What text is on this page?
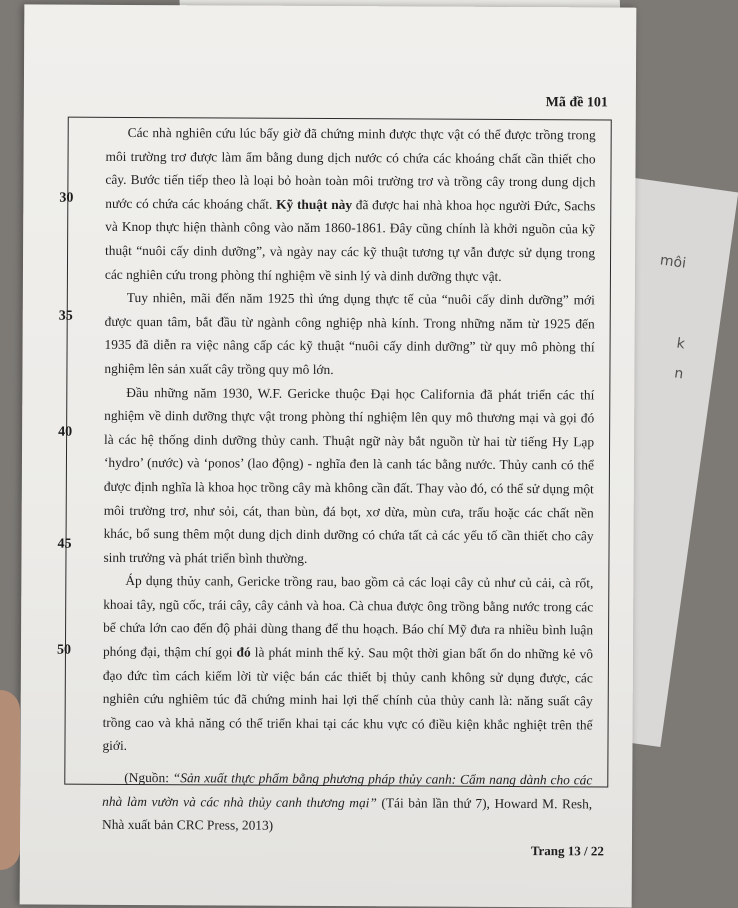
môi
k
n
Mã đề 101
30
35
40
45
50

Các nhà nghiên cứu lúc bấy giờ đã chứng minh được thực vật có thể được trồng trong môi trường trơ được làm ẩm bằng dung dịch nước có chứa các khoáng chất cần thiết cho cây. Bước tiến tiếp theo là loại bỏ hoàn toàn môi trường trơ và trồng cây trong dung dịch nước có chứa các khoáng chất. Kỹ thuật này đã được hai nhà khoa học người Đức, Sachs và Knop thực hiện thành công vào năm 1860-1861. Đây cũng chính là khởi nguồn của kỹ thuật “nuôi cấy dinh dưỡng”, và ngày nay các kỹ thuật tương tự vẫn được sử dụng trong các nghiên cứu trong phòng thí nghiệm về sinh lý và dinh dưỡng thực vật.

Tuy nhiên, mãi đến năm 1925 thì ứng dụng thực tế của “nuôi cấy dinh dưỡng” mới được quan tâm, bắt đầu từ ngành công nghiệp nhà kính. Trong những năm từ 1925 đến 1935 đã diễn ra việc nâng cấp các kỹ thuật “nuôi cấy dinh dưỡng” từ quy mô phòng thí nghiệm lên sản xuất cây trồng quy mô lớn.

Đầu những năm 1930, W.F. Gericke thuộc Đại học California đã phát triển các thí nghiệm về dinh dưỡng thực vật trong phòng thí nghiệm lên quy mô thương mại và gọi đó là các hệ thống dinh dưỡng thủy canh. Thuật ngữ này bắt nguồn từ hai từ tiếng Hy Lạp ‘hydro’ (nước) và ‘ponos’ (lao động) - nghĩa đen là canh tác bằng nước. Thủy canh có thể được định nghĩa là khoa học trồng cây mà không cần đất. Thay vào đó, có thể sử dụng một môi trường trơ, như sỏi, cát, than bùn, đá bọt, xơ dừa, mùn cưa, trấu hoặc các chất nền khác, bổ sung thêm một dung dịch dinh dưỡng có chứa tất cả các yếu tố cần thiết cho cây sinh trưởng và phát triển bình thường.

Áp dụng thủy canh, Gericke trồng rau, bao gồm cả các loại cây củ như củ cải, cà rốt, khoai tây, ngũ cốc, trái cây, cây cảnh và hoa. Cà chua được ông trồng bằng nước trong các bể chứa lớn cao đến độ phải dùng thang để thu hoạch. Báo chí Mỹ đưa ra nhiều bình luận phóng đại, thậm chí gọi đó là phát minh thế kỷ. Sau một thời gian bất ổn do những kẻ vô đạo đức tìm cách kiếm lời từ việc bán các thiết bị thủy canh không sử dụng được, các nghiên cứu nghiêm túc đã chứng minh hai lợi thế chính của thủy canh là: năng suất cây trồng cao và khả năng có thể triển khai tại các khu vực có điều kiện khắc nghiệt trên thế giới.

(Nguồn: “Sản xuất thực phẩm bằng phương pháp thủy canh: Cẩm nang dành cho các nhà làm vườn và các nhà thủy canh thương mại” (Tái bản lần thứ 7), Howard M. Resh, Nhà xuất bản CRC Press, 2013)

Trang 13 / 22
